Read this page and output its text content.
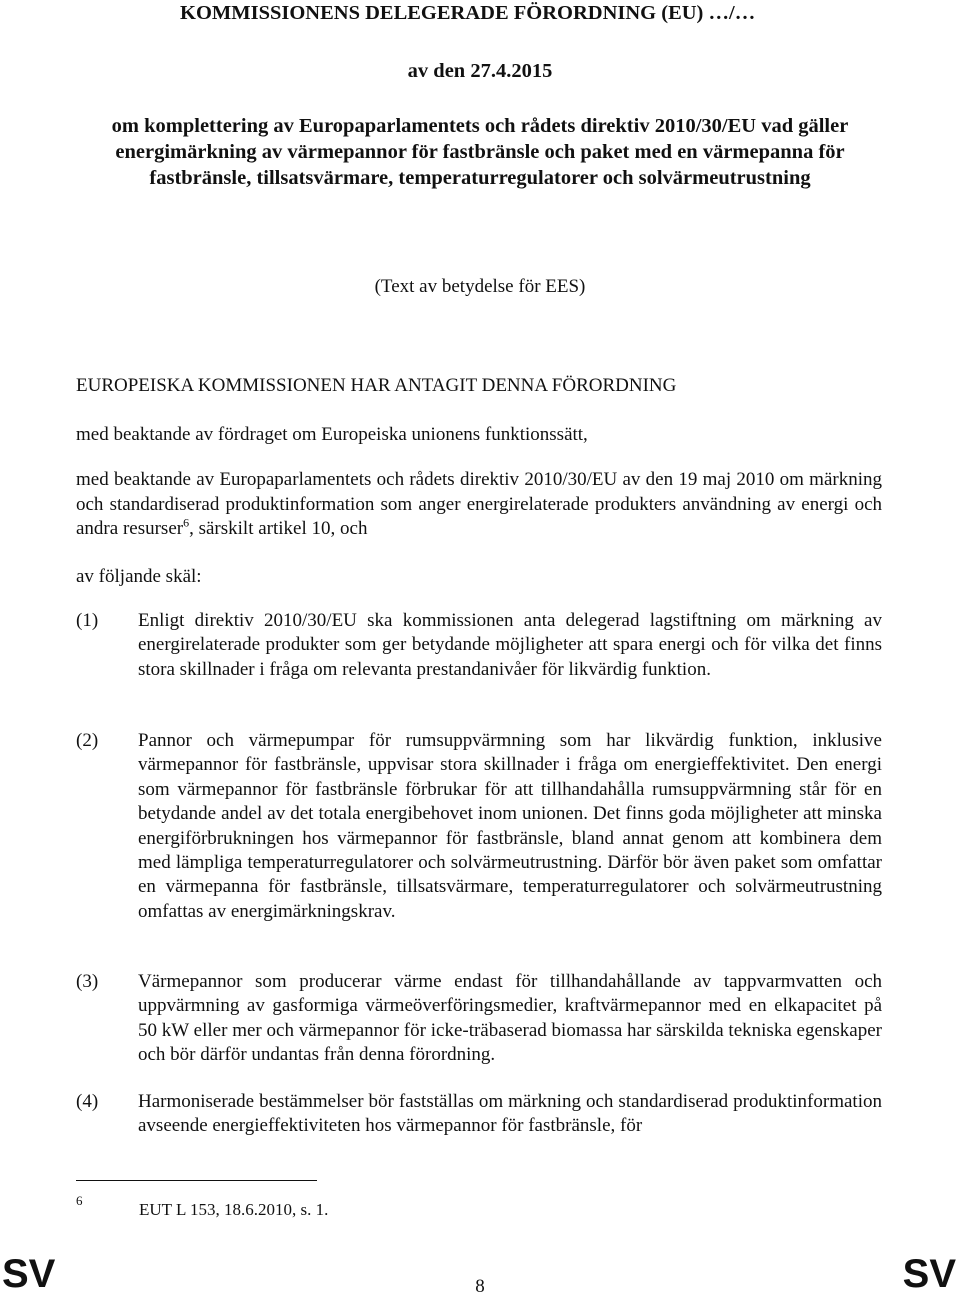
KOMMISSIONENS DELEGERADE FÖRORDNING (EU) …/…
av den 27.4.2015
om komplettering av Europaparlamentets och rådets direktiv 2010/30/EU vad gäller energimärkning av värmepannor för fastbränsle och paket med en värmepanna för fastbränsle, tillsatsvärmare, temperaturregulatorer och solvärmeutrustning
(Text av betydelse för EES)
EUROPEISKA KOMMISSIONEN HAR ANTAGIT DENNA FÖRORDNING
med beaktande av fördraget om Europeiska unionens funktionssätt,
med beaktande av Europaparlamentets och rådets direktiv 2010/30/EU av den 19 maj 2010 om märkning och standardiserad produktinformation som anger energirelaterade produkters användning av energi och andra resurser$^6$, särskilt artikel 10, och
av följande skäl:
(1) Enligt direktiv 2010/30/EU ska kommissionen anta delegerad lagstiftning om märkning av energirelaterade produkter som ger betydande möjligheter att spara energi och för vilka det finns stora skillnader i fråga om relevanta prestandanivåer för likvärdig funktion.
(2) Pannor och värmepumpar för rumsuppvärmning som har likvärdig funktion, inklusive värmepannor för fastbränsle, uppvisar stora skillnader i fråga om energieffektivitet. Den energi som värmepannor för fastbränsle förbrukar för att tillhandahålla rumsuppvärmning står för en betydande andel av det totala energibehovet inom unionen. Det finns goda möjligheter att minska energiförbrukningen hos värmepannor för fastbränsle, bland annat genom att kombinera dem med lämpliga temperaturregulatorer och solvärmeutrustning. Därför bör även paket som omfattar en värmepanna för fastbränsle, tillsatsvärmare, temperaturregulatorer och solvärmeutrustning omfattas av energimärkningskrav.
(3) Värmepannor som producerar värme endast för tillhandahållande av tappvarmvatten och uppvärmning av gasformiga värmeöverföringsmedier, kraftvärmepannor med en elkapacitet på 50 kW eller mer och värmepannor för icke-träbaserad biomassa har särskilda tekniska egenskaper och bör därför undantas från denna förordning.
(4) Harmoniserade bestämmelser bör fastställas om märkning och standardiserad produktinformation avseende energieffektiviteten hos värmepannor för fastbränsle, för
6	EUT L 153, 18.6.2010, s. 1.
SV	8	SV
